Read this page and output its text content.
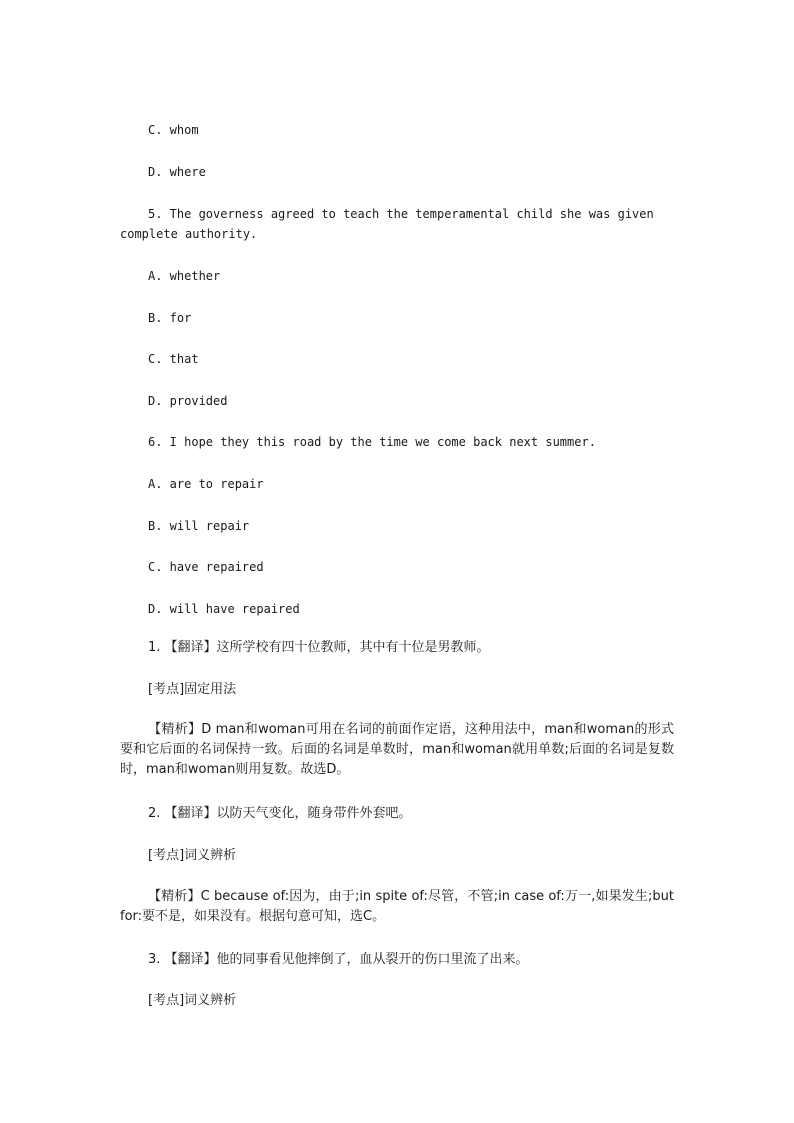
C. whom
D. where
5. The governess agreed to teach the temperamental child she was given
complete authority.
A. whether
B. for
C. that
D. provided
6. I hope they this road by the time we come back next summer.
A. are to repair
B. will repair
C. have repaired
D. will have repaired
1. 【翻译】这所学校有四十位教师，其中有十位是男教师。
[考点]固定用法
【精析】D man和woman可用在名词的前面作定语，这种用法中，man和woman的形式要和它后面的名词保持一致。后面的名词是单数时，man和woman就用单数;后面的名词是复数时，man和woman则用复数。故选D。
2. 【翻译】以防天气变化，随身带件外套吧。
[考点]词义辨析
【精析】C because of:因为，由于;in spite of:尽管，不管;in case of:万一,如果发生;but for:要不是，如果没有。根据句意可知，选C。
3. 【翻译】他的同事看见他摔倒了，血从裂开的伤口里流了出来。
[考点]词义辨析
